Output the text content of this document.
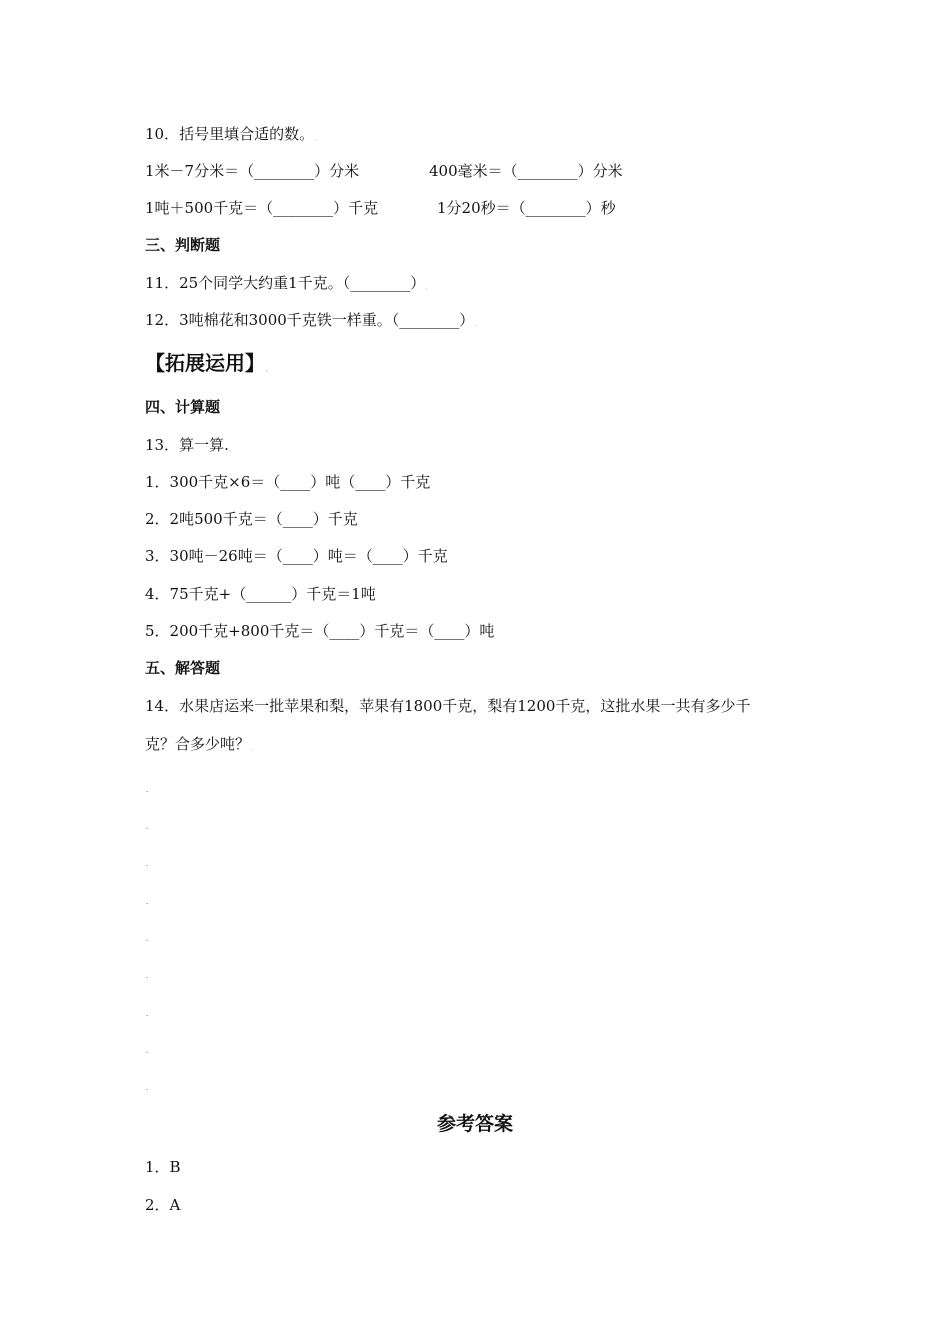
10．括号里填合适的数。ˎ
1米－7分米＝（________）分米	400毫米＝（________）分米
1吨＋500千克＝（________）千克	1分20秒＝（________）秒
三、判断题
11．25个同学大约重1千克。（________）ˎ
12．3吨棉花和3000千克铁一样重。（________）ˎ
【拓展运用】ˎ
四、计算题
13．算一算.ˎ
1．300千克×6＝（____）吨（____）千克
2．2吨500千克＝（____）千克
3．30吨－26吨＝（____）吨＝（____）千克
4．75千克+（______）千克＝1吨
5．200千克+800千克＝（____）千克＝（____）吨
五、解答题
14．水果店运来一批苹果和梨，苹果有1800千克，梨有1200千克，这批水果一共有多少千
克？合多少吨？ˎ
参考答案
1．B
2．A
